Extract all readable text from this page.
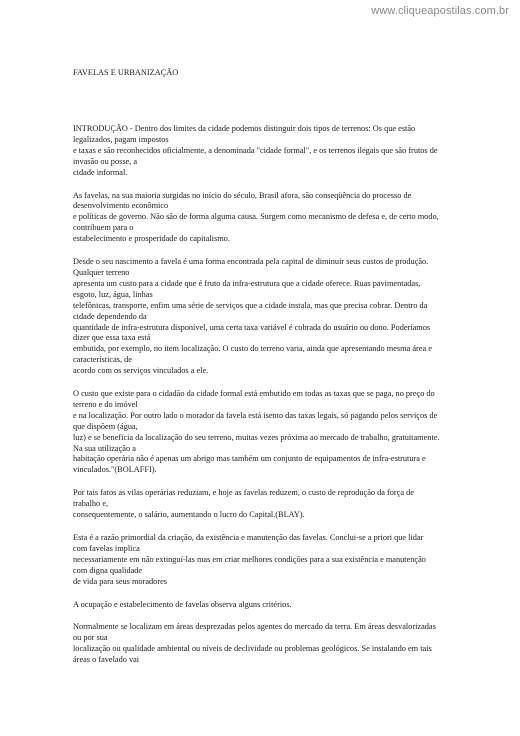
www.cliqueapostilas.com.br
FAVELAS E URBANIZAÇÃO
INTRODUÇÃO - Dentro dos limites da cidade podemos distinguir dois tipos de terrenos: Os que estão
legalizados, pagam impostos
e taxas e são reconhecidos oficialmente, a denominada "cidade formal", e os terrenos ilegais que são frutos de
invasão ou posse, a
cidade informal.
As favelas, na sua maioria surgidas no início do século, Brasil afora, são conseqüência do processo de
desenvolvimento econômico
e políticas de governo. Não são de forma alguma causa. Surgem como mecanismo de defesa e, de certo modo,
contribuem para o
estabelecimento e prosperidade do capitalismo.
Desde o seu nascimento a favela é uma forma encontrada pela capital de diminuir seus custos de produção.
Qualquer terreno
apresenta um custo para a cidade que é fruto da infra-estrutura que a cidade oferece. Ruas pavimentadas,
esgoto, luz, água, linhas
telefônicas, transporte, enfim uma série de serviços que a cidade instala, mas que precisa cobrar. Dentro da
cidade dependendo da
quantidade de infra-estrutura disponível, uma certa taxa variável é cobrada do usuário ou dono. Poderíamos
dizer que essa taxa está
embutida, por exemplo, no item localização. O custo do terreno varia, ainda que apresentando mesma área e
características, de
acordo com os serviços vinculados a ele.
O custo que existe para o cidadão da cidade formal está embutido em todas as taxas que se paga, no preço do
terreno e do imóvel
e na localização. Por outro lado o morador da favela está isento das taxas legais, só pagando pelos serviços de
que dispõem (água,
luz) e se beneficia da localização do seu terreno, muitas vezes próxima ao mercado de trabalho, gratuitamente.
Na sua utilização a
habitação operária não é apenas um abrigo mas também um conjunto de equipamentos de infra-estrutura e
vinculados."(BOLAFFI).
Por tais fatos as vilas operárias reduziam, e hoje as favelas reduzem, o custo de reprodução da força de
trabalho e,
consequentemente, o salário, aumentando o lucro do Capital.(BLAY).
Esta é a razão primordial da criação, da existência e manutenção das favelas. Conclui-se a priori que lidar
com favelas implica
necessariamente em não extinguí-las mas em criar melhores condições para a sua existência e manutenção
com digna qualidade
de vida para seus moradores
A ocupação e estabelecimento de favelas observa alguns critérios.
Normalmente se localizam em áreas desprezadas pelos agentes do mercado da terra. Em áreas desvalorizadas
ou por sua
localização ou qualidade ambiental ou níveis de declividade ou problemas geológicos. Se instalando em tais
áreas o favelado vai
